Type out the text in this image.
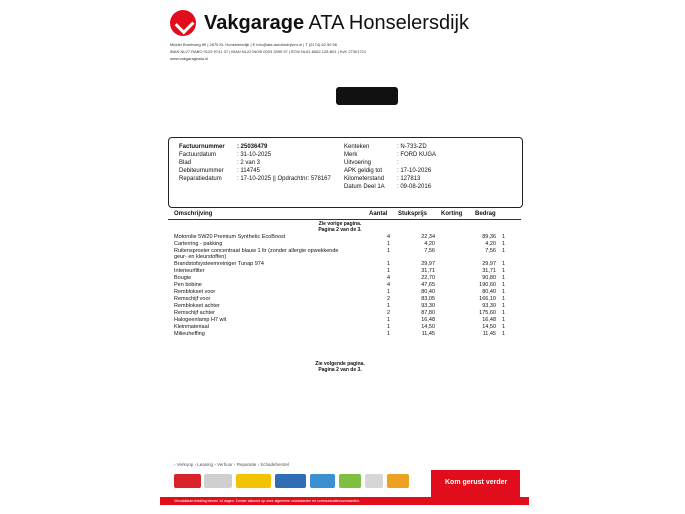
Vakgarage ATA Honselersdijk
Middel Broekweg 89 | 2675 KL Honselersdijk | E info@ata-autobedrijven.nl | T (0174) 62 50 56
IBAN NL27 RABO 0129 9741 37 | IBAN NL22 INGB 0003 3399 97 | BTW NL81.6062.125.B01 | KvK 27301721
www.vakgarageata.nl
Factuurnummer : 25036479
Factuurdatum	: 31-10-2025
Blad	: 2 van 3
Debiteurnummer : 114745
Reparatiedatum	: 17-10-2025 || Opdrachtnr: 578167
Kenteken	: N-733-ZD
Merk	: FORD KUGA
Uitvoering	:
APK geldig tot : 17-10-2026
Kilometerstand : 127813
Datum Deel 1A : 09-08-2016
Omschrijving	Aantal Stuksprijs Korting Bedrag
Zie vorige pagina.
Pagina 2 van de 3.
Motorolie 5W20 Premium Synthetic EcoBoost	4	22,34	89,36 1
Carterring - pakking	1	4,20	4,20 1
Ruitensproeier concentraat blauw 1 ltr (zonder allergie opwekkende
geur- en kleurstoffen)
1	7,56	7,56 1
Brandstofsysteemreiniger Tunap 974	1	29,97	29,97 1
Interieurfilter	1	31,71	31,71 1
Bougie	4	22,70	90,80 1
Pen bobine	4	47,65	190,60 1
Remblokset voor	1	80,40	80,40 1
Remschijf voor	2	83,05	166,10 1
Remblokset achter	1	93,30	93,30 1
Remschijf achter	2	87,80	175,60 1
Halogeenlamp H7 wit	1	16,48	16,48 1
Kleinmateriaal	1	14,50	14,50 1
Milieuheffing	1	11,45	11,45 1
Zie volgende pagina.
Pagina 2 van de 3.
› Verkoop › Leasing › Verhuur › Reparatie › Schadeherstel
Kom gerust verder
Vervaldatum betaling binnen 14 dagen. Zonder akkoord op onze algemene voorwaarden en communicatievoorwaarden.
